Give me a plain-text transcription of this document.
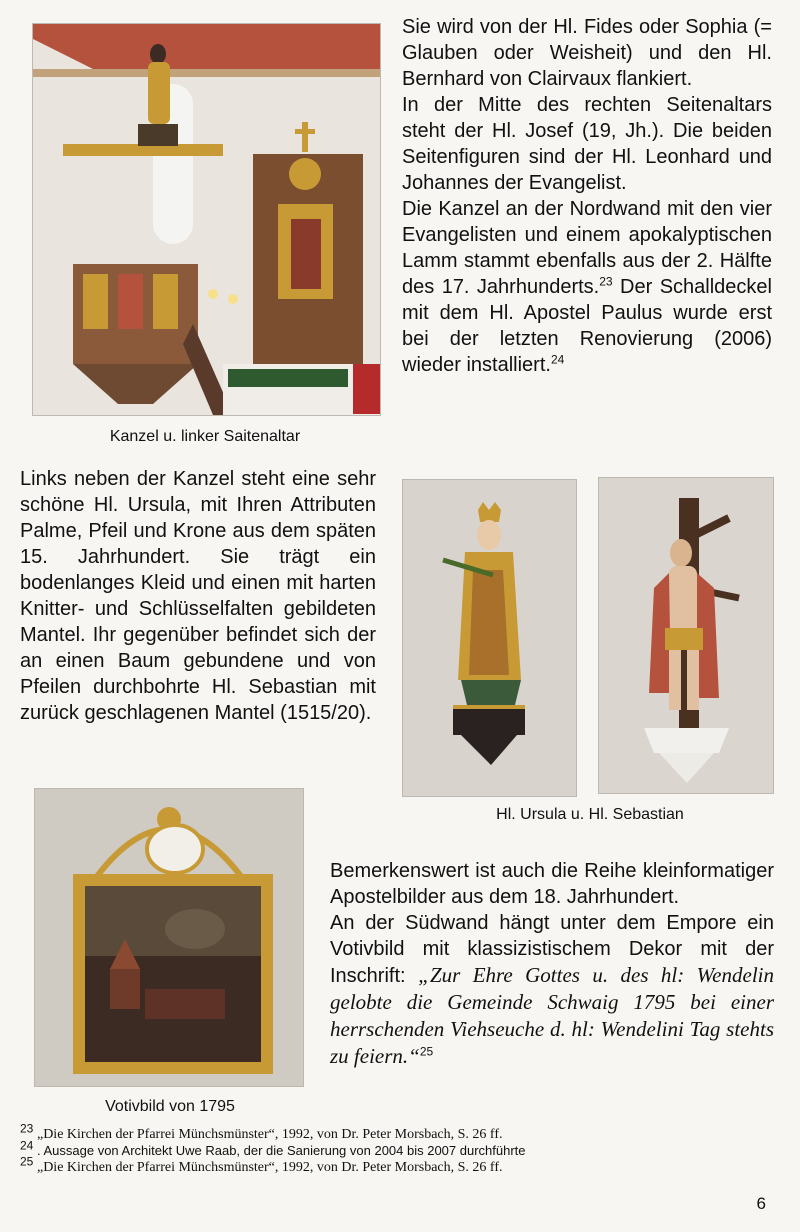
Kanzel u. linker Saitenaltar

Sie wird von der Hl. Fides oder Sophia (= Glauben oder Weisheit) und den Hl. Bernhard von Clairvaux flankiert.

In der Mitte des rechten Seitenaltars steht der Hl. Josef (19, Jh.). Die beiden Seitenfiguren sind der Hl. Leonhard und Johannes der Evangelist.

Die Kanzel an der Nordwand mit den vier Evangelisten und einem apokalyptischen Lamm stammt ebenfalls aus der 2. Hälfte des 17. Jahrhunderts.$^{23}$ Der Schalldeckel mit dem Hl. Apostel Paulus wurde erst bei der letzten Renovierung (2006) wieder installiert.$^{24}$

Links neben der Kanzel steht eine sehr schöne Hl. Ursula, mit Ihren Attributen Palme, Pfeil und Krone aus dem späten 15. Jahrhundert. Sie trägt ein bodenlanges Kleid und einen mit harten Knitter- und Schlüsselfalten gebildeten Mantel. Ihr gegenüber befindet sich der an einen Baum gebundene und von Pfeilen durchbohrte Hl. Sebastian mit zurück geschlagenen Mantel (1515/20).

Hl. Ursula u. Hl. Sebastian
Votivbild von 1795

Bemerkenswert ist auch die Reihe kleinformatiger Apostelbilder aus dem 18. Jahrhundert.

An der Südwand hängt unter dem Empore ein Votivbild mit klassizistischem Dekor mit der Inschrift: „Zur Ehre Gottes u. des hl: Wendelin gelobte die Gemeinde Schwaig 1795 bei einer herrschenden Viehseuche d. hl: Wendelini Tag stehts zu feiern.“$^{25}$

$^{23}$ „Die Kirchen der Pfarrei Münchsmünster“, 1992, von Dr. Peter Morsbach, S. 26 ff.
$^{24}$ . Aussage von Architekt Uwe Raab, der die Sanierung von 2004 bis 2007 durchführte
$^{25}$ „Die Kirchen der Pfarrei Münchsmünster“, 1992, von Dr. Peter Morsbach, S. 26 ff.
6
